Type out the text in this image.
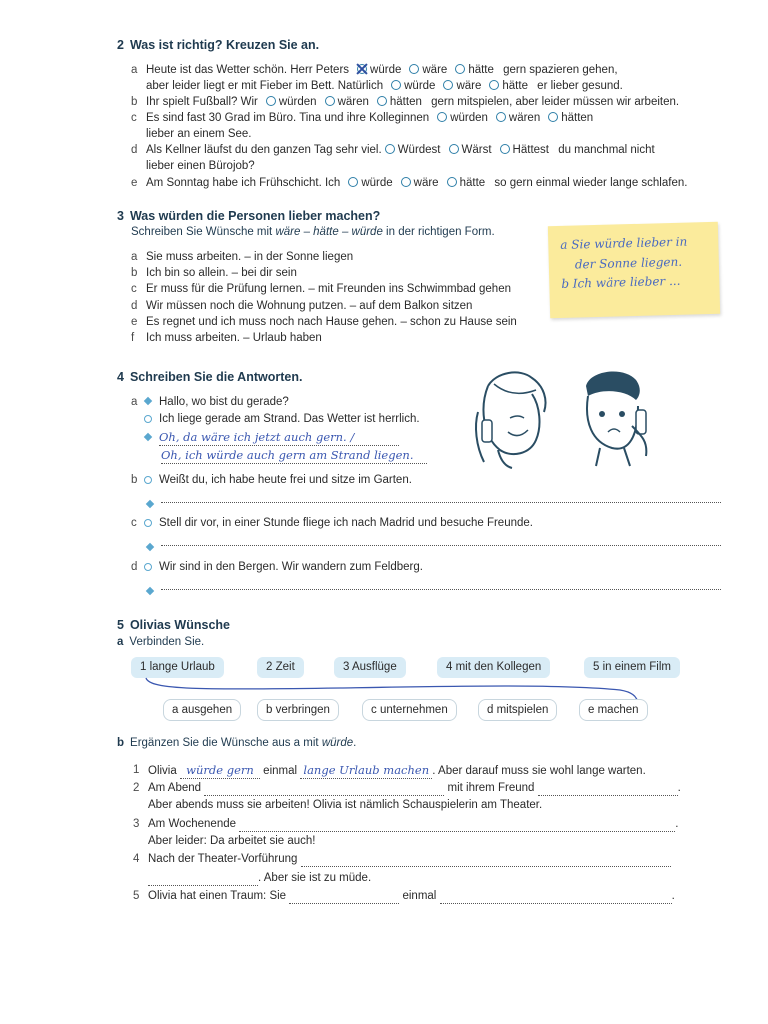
2 Was ist richtig? Kreuzen Sie an.
a Heute ist das Wetter schön. Herr Peters würde wäre hätte gern spazieren gehen,
aber leider liegt er mit Fieber im Bett. Natürlich würde wäre hätte er lieber gesund.
b Ihr spielt Fußball? Wir würden wären hätten gern mitspielen, aber leider müssen wir arbeiten.
c Es sind fast 30 Grad im Büro. Tina und ihre Kolleginnen würden wären hätten
lieber an einem See.
d Als Kellner läufst du den ganzen Tag sehr viel. Würdest Wärst Hättest du manchmal nicht
lieber einen Bürojob?
e Am Sonntag habe ich Frühschicht. Ich würde wäre hätte so gern einmal wieder lange schlafen.
3 Was würden die Personen lieber machen?
Schreiben Sie Wünsche mit wäre – hätte – würde in der richtigen Form.
a Sie muss arbeiten. – in der Sonne liegen
b Ich bin so allein. – bei dir sein
c Er muss für die Prüfung lernen. – mit Freunden ins Schwimmbad gehen
d Wir müssen noch die Wohnung putzen. – auf dem Balkon sitzen
e Es regnet und ich muss noch nach Hause gehen. – schon zu Hause sein
f	Ich muss arbeiten. – Urlaub haben
a Sie würde lieber in
der Sonne liegen.
b Ich wäre lieber ...
4 Schreiben Sie die Antworten.
a	Hallo, wo bist du gerade?
Ich liege gerade am Strand. Das Wetter ist herrlich.
Oh, da wäre ich jetzt auch gern. /
Oh, ich würde auch gern am Strand liegen.
b	Weißt du, ich habe heute frei und sitze im Garten.
c	Stell dir vor, in einer Stunde fliege ich nach Madrid und besuche Freunde.
d	Wir sind in den Bergen. Wir wandern zum Feldberg.
5 Olivias Wünsche
a Verbinden Sie.
1 lange Urlaub	2 Zeit	3 Ausflüge	4 mit den Kollegen	5 in einem Film
a ausgehen	b verbringen	c unternehmen	d mitspielen	e machen
b Ergänzen Sie die Wünsche aus a mit würde.
1 Olivia würde gern einmal lange Urlaub machen . Aber darauf muss sie wohl lange warten.
2 Am Abend	mit ihrem Freund	.
Aber abends muss sie arbeiten! Olivia ist nämlich Schauspielerin am Theater.
3 Am Wochenende	.
Aber leider: Da arbeitet sie auch!
4 Nach der Theater-Vorführung
. Aber sie ist zu müde.
5 Olivia hat einen Traum: Sie	einmal	.
